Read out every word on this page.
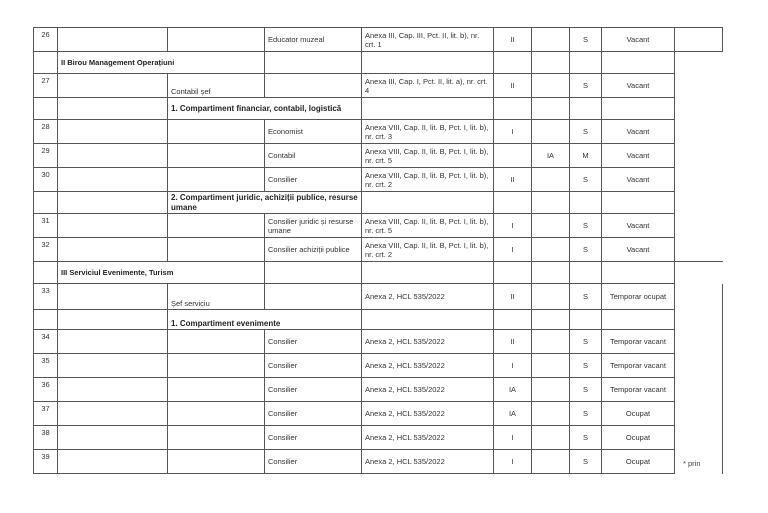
26			Educator muzeal	Anexa III, Cap. III, Pct. II, lit. b), nr. crt. 1	II		S	Vacant	
	II Birou Management Operațiuni								
27		Contabil șef		Anexa III, Cap. I, Pct. II, lit. a), nr. crt. 4	II		S	Vacant	
		1. Compartiment financiar, contabil, logistică							
28			Economist	Anexa VIII, Cap. II, lit. B, Pct. I, lit. b), nr. crt. 3	I		S	Vacant	
29			Contabil	Anexa VIII, Cap. II, lit. B, Pct. I, lit. b), nr. crt. 5		IA	M	Vacant	
30			Consilier	Anexa VIII, Cap. II, lit. B, Pct. I, lit. b), nr. crt. 2	II		S	Vacant	
		2. Compartiment juridic, achiziții publice, resurse umane							
31			Consilier juridic și resurse umane	Anexa VIII, Cap. II, lit. B, Pct. I, lit. b), nr. crt. 5	I		S	Vacant	
32			Consilier achiziții publice	Anexa VIII, Cap. II, lit. B, Pct. I, lit. b), nr. crt. 2	I		S	Vacant	
	III Serviciul Evenimente, Turism								
33		Șef serviciu		Anexa 2, HCL 535/2022	II		S	Temporar ocupat	
		1. Compartiment evenimente							
34			Consilier	Anexa 2, HCL 535/2022	II		S	Temporar vacant	
35			Consilier	Anexa 2, HCL 535/2022	I		S	Temporar vacant	
36			Consilier	Anexa 2, HCL 535/2022	IA		S	Temporar vacant	
37			Consilier	Anexa 2, HCL 535/2022	IA		S	Ocupat	
38			Consilier	Anexa 2, HCL 535/2022	I		S	Ocupat	
39			Consilier	Anexa 2, HCL 535/2022	I		S	Ocupat		* prin
